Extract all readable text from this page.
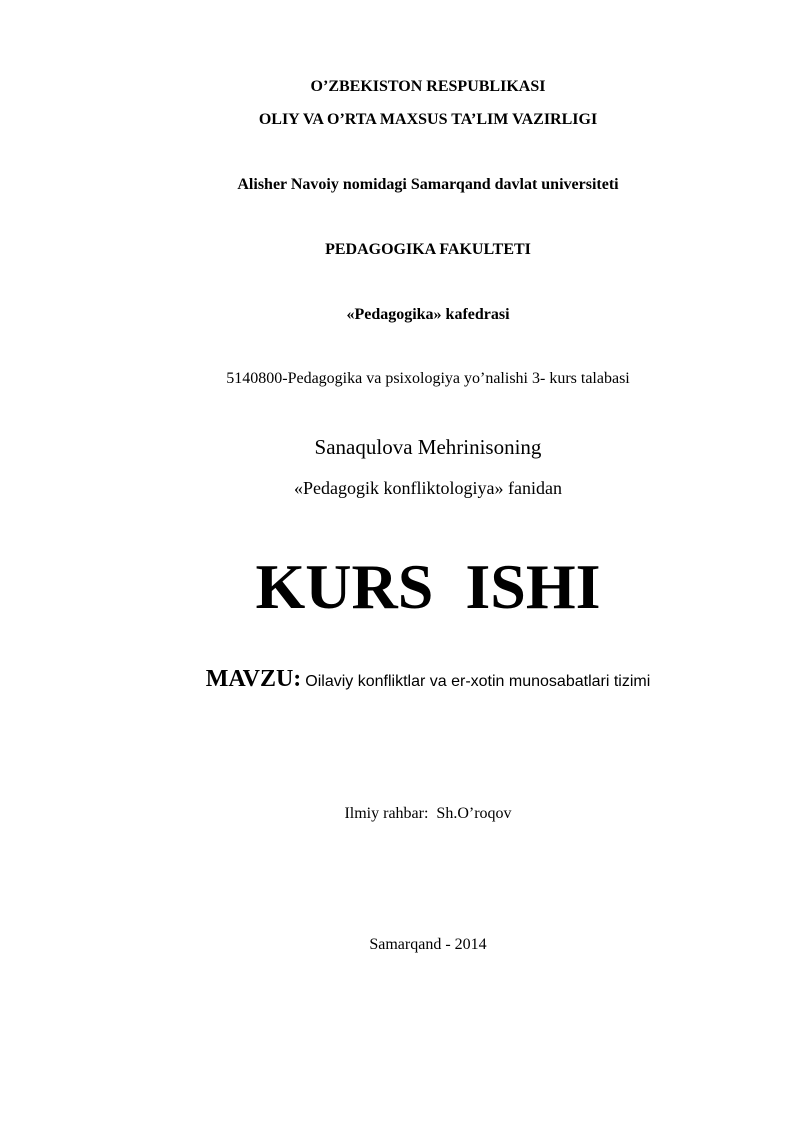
O’ZBEKISTON RESPUBLIKASI
OLIY VA O’RTA MAXSUS TA’LIM VAZIRLIGI
Alisher Navoiy nomidagi Samarqand davlat universiteti
PEDAGOGIKA FAKULTETI
«Pedagogika» kafedrasi
5140800-Pedagogika va psixologiya yo’nalishi 3- kurs talabasi
Sanaqulova Mehrinisoning
«Pedagogik konfliktologiya» fanidan
KURS  ISHI
MAVZU: Oilaviy konfliktlar va er-xotin munosabatlari tizimi
Ilmiy rahbar:  Sh.O’roqov
Samarqand - 2014
